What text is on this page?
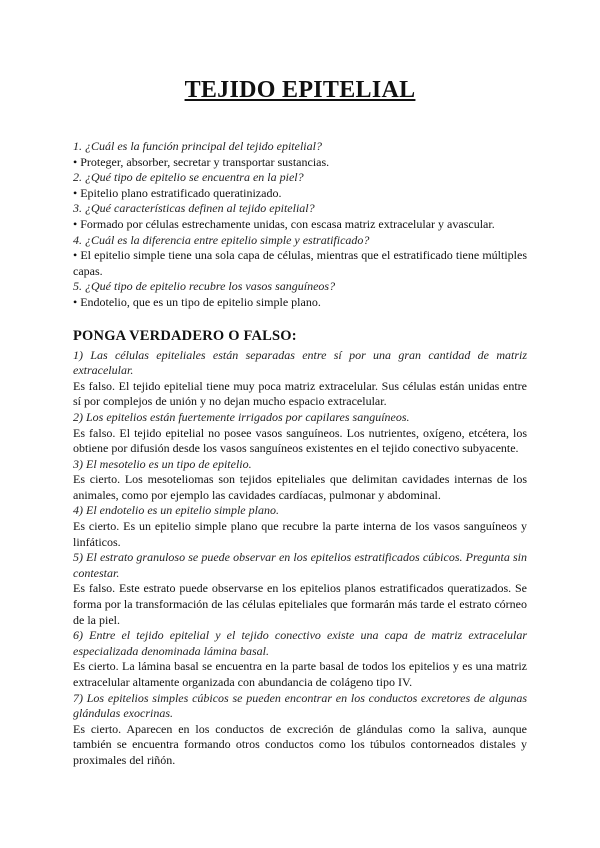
TEJIDO EPITELIAL

1. ¿Cuál es la función principal del tejido epitelial?

• Proteger, absorber, secretar y transportar sustancias.

2. ¿Qué tipo de epitelio se encuentra en la piel?

• Epitelio plano estratificado queratinizado.

3. ¿Qué características definen al tejido epitelial?

• Formado por células estrechamente unidas, con escasa matriz extracelular y avascular.

4. ¿Cuál es la diferencia entre epitelio simple y estratificado?

• El epitelio simple tiene una sola capa de células, mientras que el estratificado tiene múltiples capas.

5. ¿Qué tipo de epitelio recubre los vasos sanguíneos?

• Endotelio, que es un tipo de epitelio simple plano.

PONGA VERDADERO O FALSO:

1) Las células epiteliales están separadas entre sí por una gran cantidad de matriz extracelular.

Es falso. El tejido epitelial tiene muy poca matriz extracelular. Sus células están unidas entre sí por complejos de unión y no dejan mucho espacio extracelular.

2) Los epitelios están fuertemente irrigados por capilares sanguíneos.

Es falso. El tejido epitelial no posee vasos sanguíneos. Los nutrientes, oxígeno, etcétera, los obtiene por difusión desde los vasos sanguíneos existentes en el tejido conectivo subyacente.

3) El mesotelio es un tipo de epitelio.

Es cierto. Los mesoteliomas son tejidos epiteliales que delimitan cavidades internas de los animales, como por ejemplo las cavidades cardíacas, pulmonar y abdominal.

4) El endotelio es un epitelio simple plano.

Es cierto. Es un epitelio simple plano que recubre la parte interna de los vasos sanguíneos y linfáticos.

5) El estrato granuloso se puede observar en los epitelios estratificados cúbicos. Pregunta sin contestar.

Es falso. Este estrato puede observarse en los epitelios planos estratificados queratizados. Se forma por la transformación de las células epiteliales que formarán más tarde el estrato córneo de la piel.

6) Entre el tejido epitelial y el tejido conectivo existe una capa de matriz extracelular especializada denominada lámina basal.

Es cierto. La lámina basal se encuentra en la parte basal de todos los epitelios y es una matriz extracelular altamente organizada con abundancia de colágeno tipo IV.

7) Los epitelios simples cúbicos se pueden encontrar en los conductos excretores de algunas glándulas exocrinas.

Es cierto. Aparecen en los conductos de excreción de glándulas como la saliva, aunque también se encuentra formando otros conductos como los túbulos contorneados distales y proximales del riñón.
